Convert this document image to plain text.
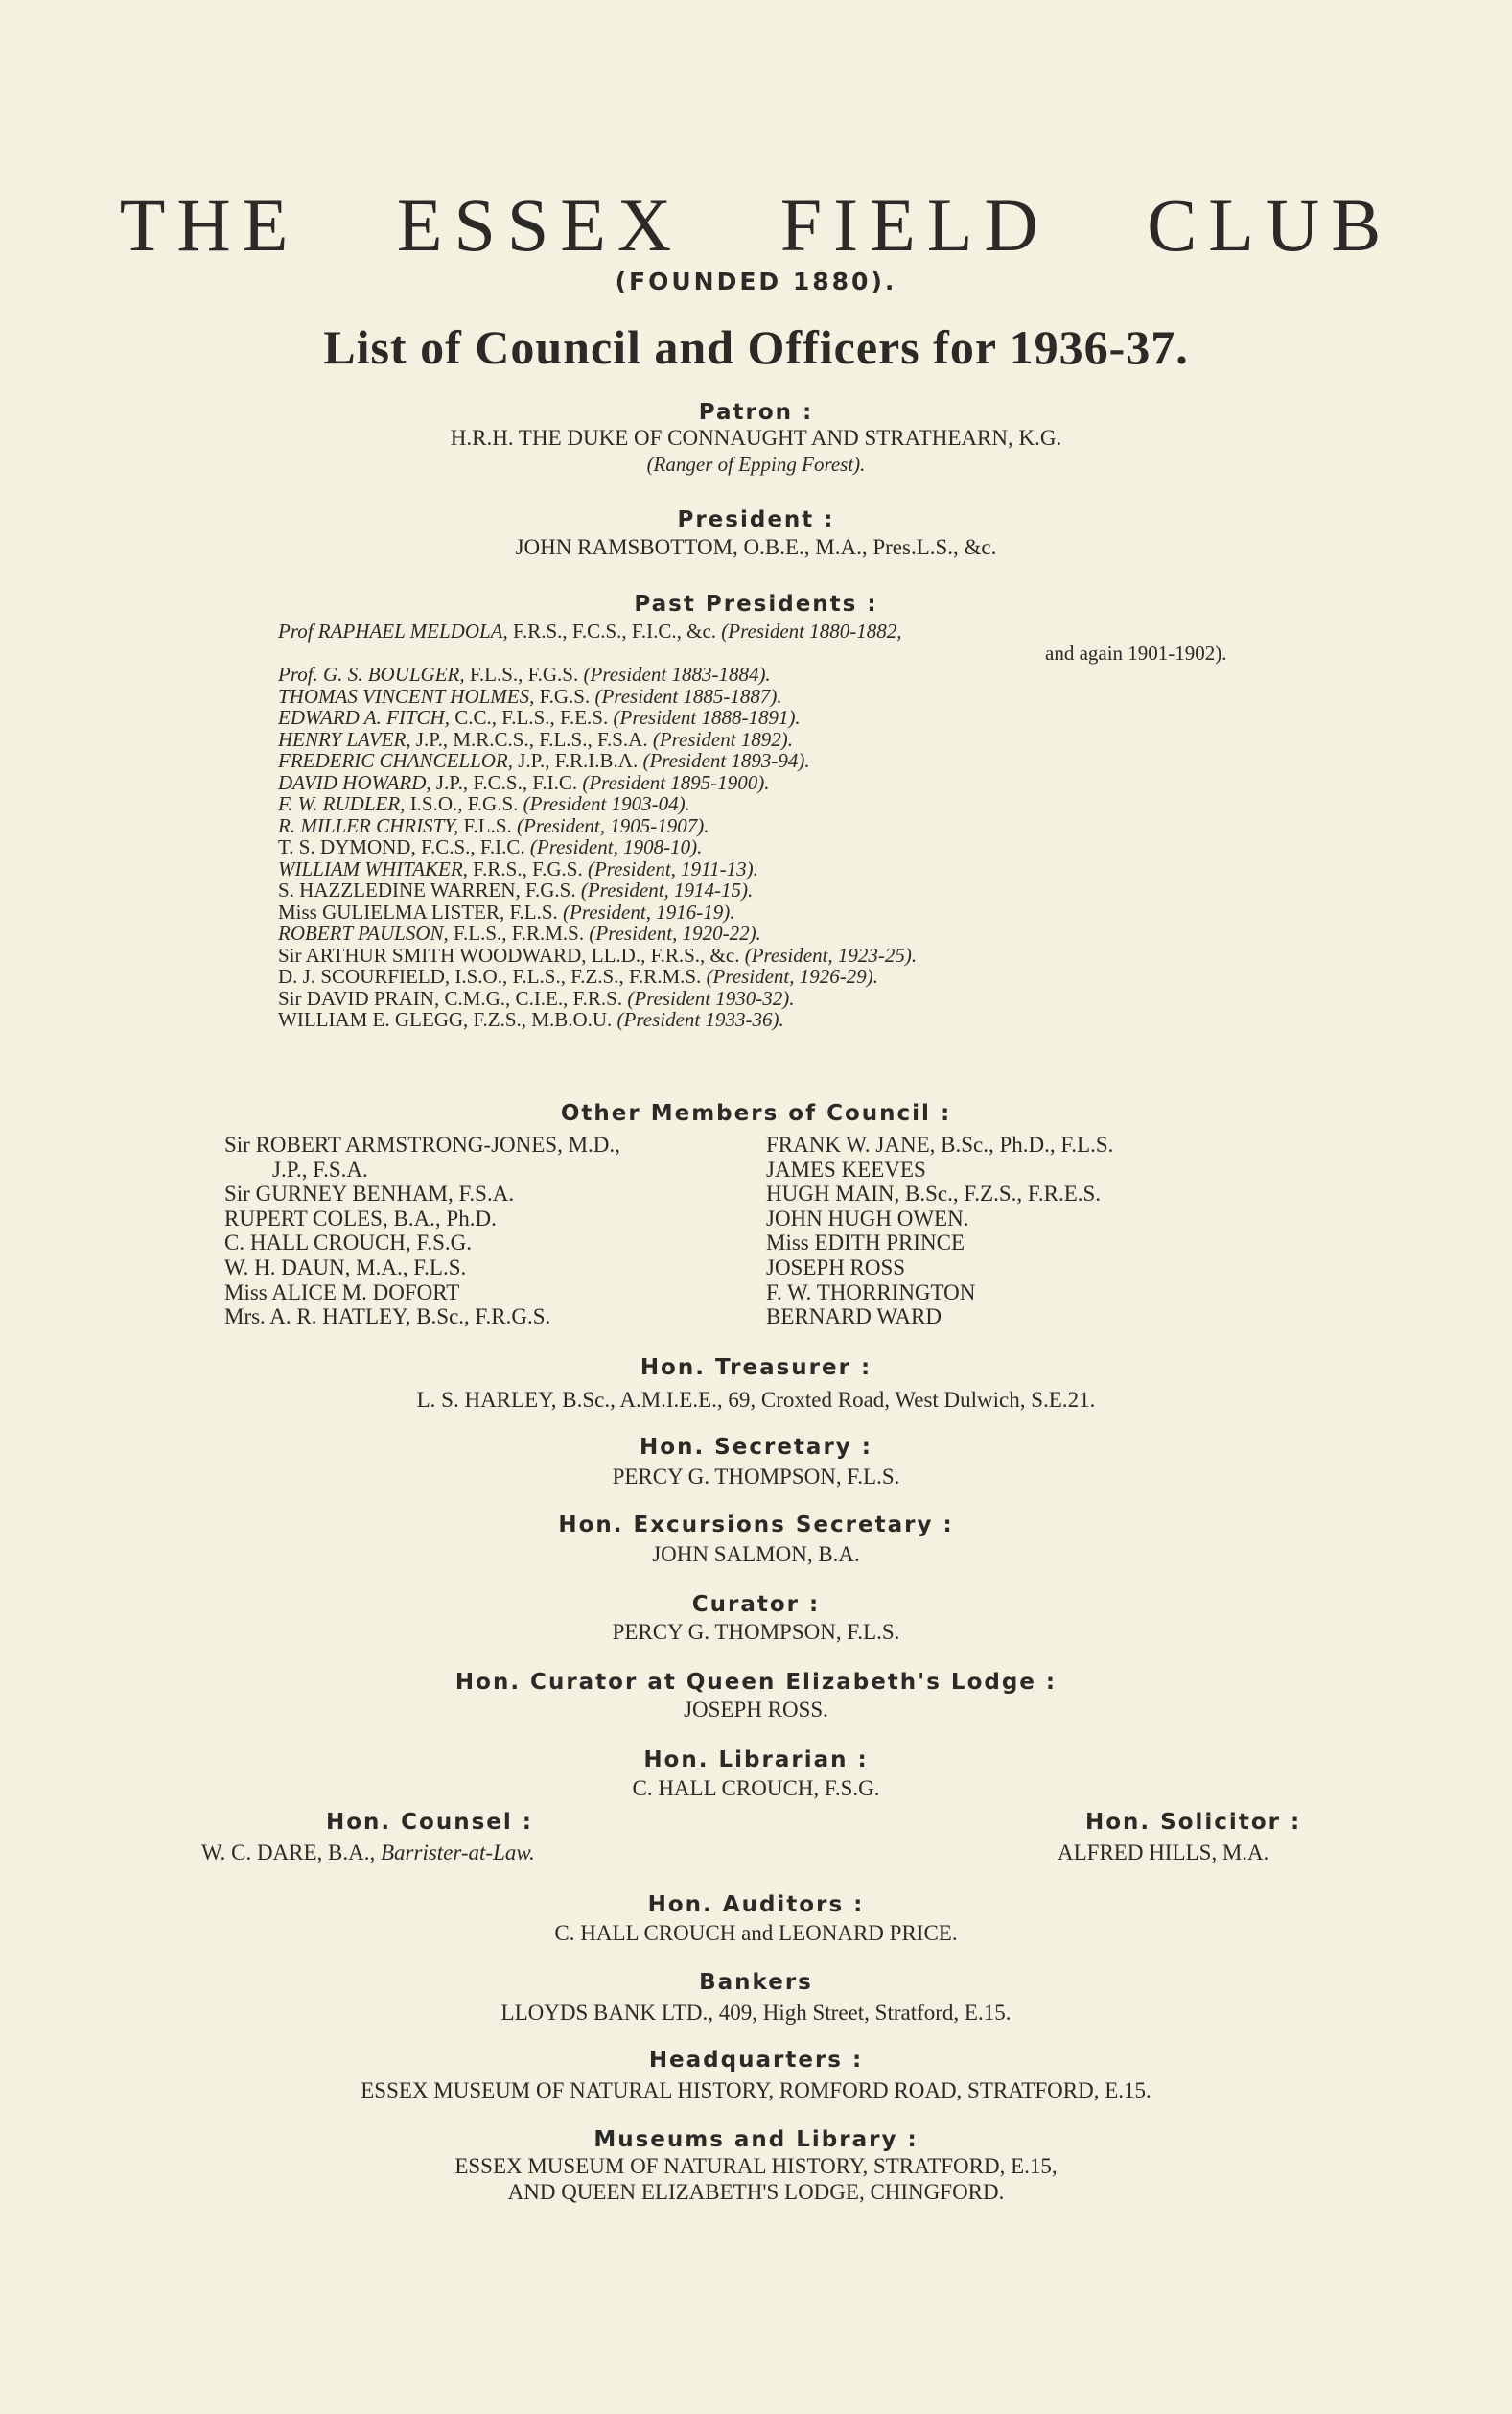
THE ESSEX FIELD CLUB
(FOUNDED 1880).
List of Council and Officers for 1936-37.
Patron :
H.R.H. THE DUKE OF CONNAUGHT AND STRATHEARN, K.G.
(Ranger of Epping Forest).
President :
JOHN RAMSBOTTOM, O.B.E., M.A., Pres.L.S., &c.
Past Presidents :
Prof RAPHAEL MELDOLA, F.R.S., F.C.S., F.I.C., &c. (President 1880-1882,
and again 1901-1902).
Prof. G. S. BOULGER, F.L.S., F.G.S. (President 1883-1884).
THOMAS VINCENT HOLMES, F.G.S. (President 1885-1887).
EDWARD A. FITCH, C.C., F.L.S., F.E.S. (President 1888-1891).
HENRY LAVER, J.P., M.R.C.S., F.L.S., F.S.A. (President 1892).
FREDERIC CHANCELLOR, J.P., F.R.I.B.A. (President 1893-94).
DAVID HOWARD, J.P., F.C.S., F.I.C. (President 1895-1900).
F. W. RUDLER, I.S.O., F.G.S. (President 1903-04).
R. MILLER CHRISTY, F.L.S. (President, 1905-1907).
T. S. DYMOND, F.C.S., F.I.C. (President, 1908-10).
WILLIAM WHITAKER, F.R.S., F.G.S. (President, 1911-13).
S. HAZZLEDINE WARREN, F.G.S. (President, 1914-15).
Miss GULIELMA LISTER, F.L.S. (President, 1916-19).
ROBERT PAULSON, F.L.S., F.R.M.S. (President, 1920-22).
Sir ARTHUR SMITH WOODWARD, LL.D., F.R.S., &c. (President, 1923-25).
D. J. SCOURFIELD, I.S.O., F.L.S., F.Z.S., F.R.M.S. (President, 1926-29).
Sir DAVID PRAIN, C.M.G., C.I.E., F.R.S. (President 1930-32).
WILLIAM E. GLEGG, F.Z.S., M.B.O.U. (President 1933-36).
Other Members of Council :
Sir ROBERT ARMSTRONG-JONES, M.D.,
J.P., F.S.A.
Sir GURNEY BENHAM, F.S.A.
RUPERT COLES, B.A., Ph.D.
C. HALL CROUCH, F.S.G.
W. H. DAUN, M.A., F.L.S.
Miss ALICE M. DOFORT
Mrs. A. R. HATLEY, B.Sc., F.R.G.S.
FRANK W. JANE, B.Sc., Ph.D., F.L.S.
JAMES KEEVES
HUGH MAIN, B.Sc., F.Z.S., F.R.E.S.
JOHN HUGH OWEN.
Miss EDITH PRINCE
JOSEPH ROSS
F. W. THORRINGTON
BERNARD WARD
Hon. Treasurer :
L. S. HARLEY, B.Sc., A.M.I.E.E., 69, Croxted Road, West Dulwich, S.E.21.
Hon. Secretary :
PERCY G. THOMPSON, F.L.S.
Hon. Excursions Secretary :
JOHN SALMON, B.A.
Curator :
PERCY G. THOMPSON, F.L.S.
Hon. Curator at Queen Elizabeth's Lodge :
JOSEPH ROSS.
Hon. Librarian :
C. HALL CROUCH, F.S.G.
Hon. Counsel :
W. C. DARE, B.A., Barrister-at-Law.
Hon. Solicitor :
ALFRED HILLS, M.A.
Hon. Auditors :
C. HALL CROUCH and LEONARD PRICE.
Bankers
LLOYDS BANK LTD., 409, High Street, Stratford, E.15.
Headquarters :
ESSEX MUSEUM OF NATURAL HISTORY, ROMFORD ROAD, STRATFORD, E.15.
Museums and Library :
ESSEX MUSEUM OF NATURAL HISTORY, STRATFORD, E.15,
AND QUEEN ELIZABETH'S LODGE, CHINGFORD.
